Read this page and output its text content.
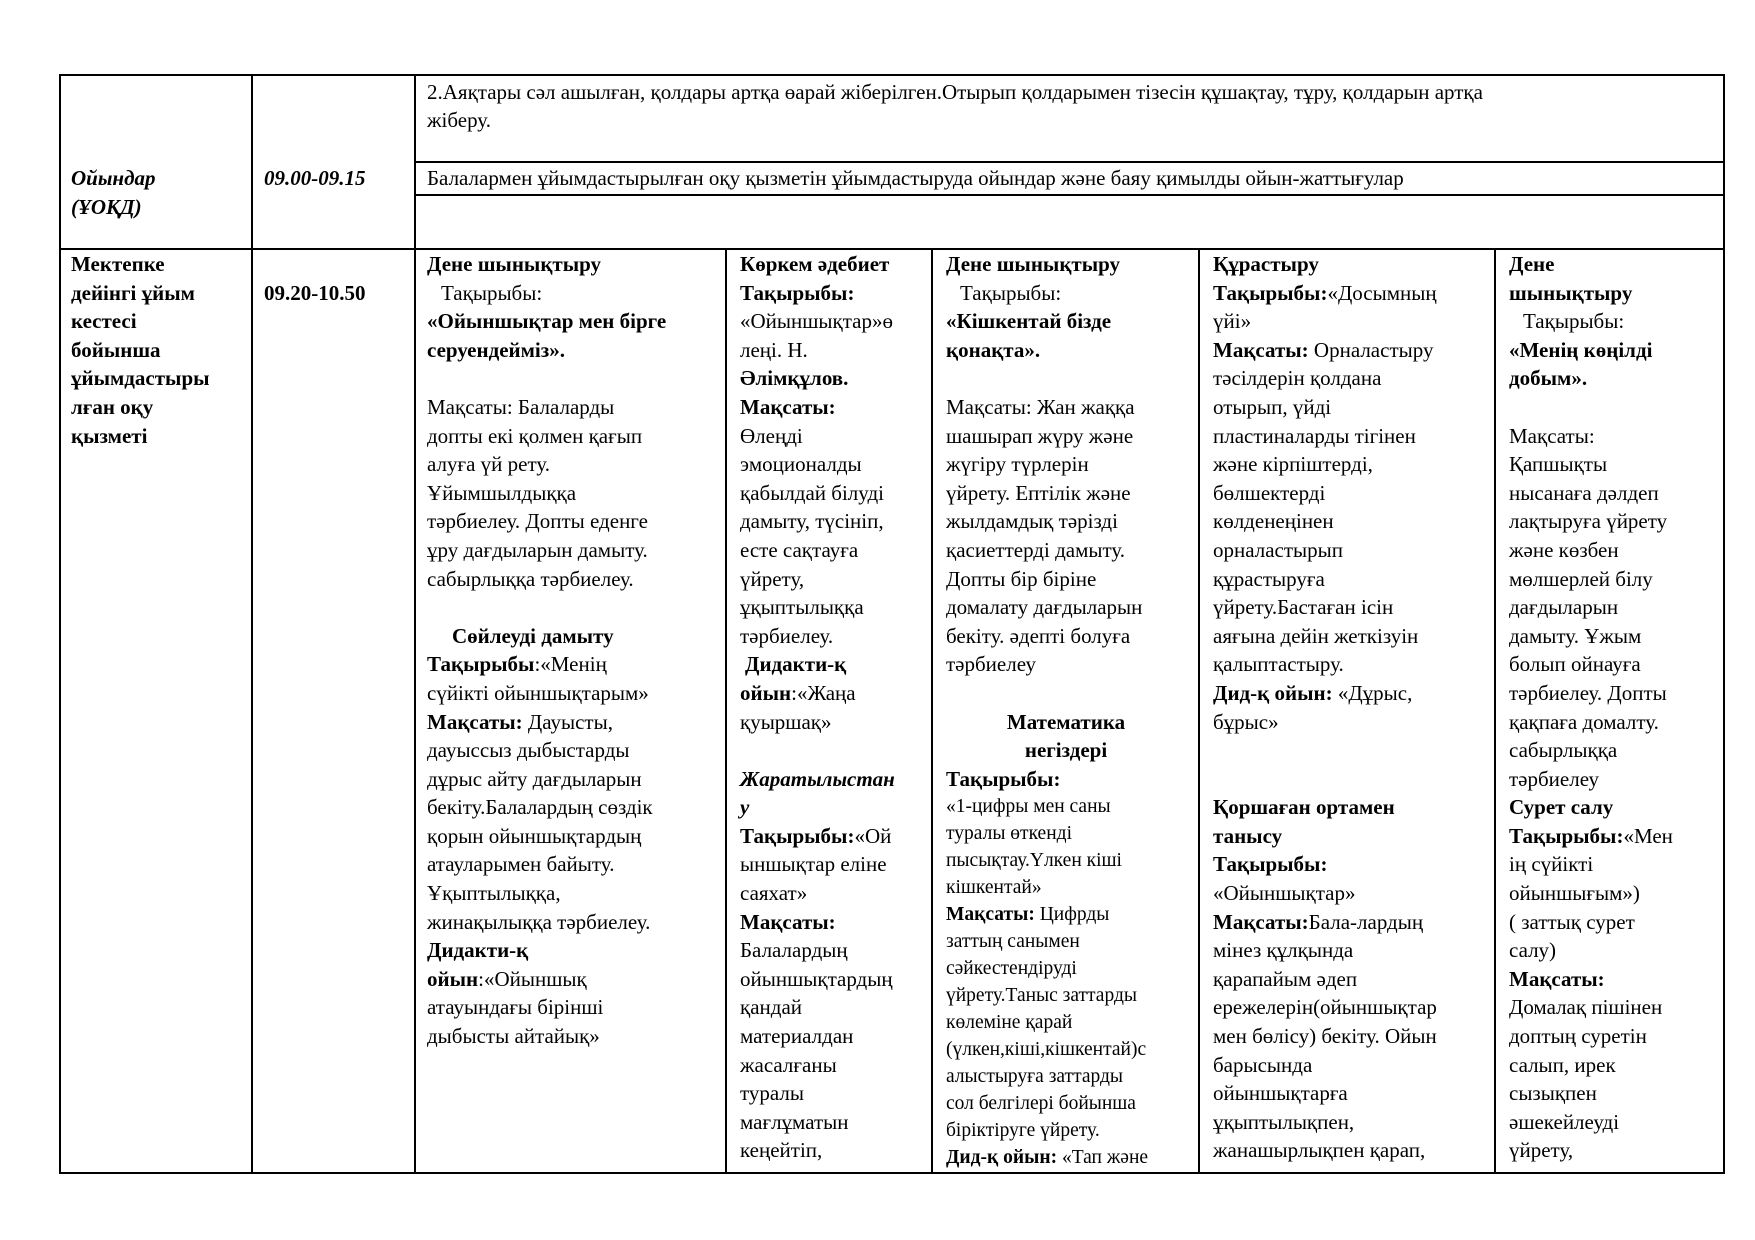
2.Аяқтары сәл ашылған, қолдары артқа өарай жіберілген.Отырып қолдарымен тізесін құшақтау, тұру, қолдарын артқа
жіберу.
Ойындар
(ҰОҚД)
09.00-09.15	Балалармен ұйымдастырылған оқу қызметін ұйымдастыруда ойындар және баяу қимылды ойын-жаттығулар
Мектепке
дейінгі ұйым
кестесі
бойынша
ұйымдастыры
лған оқу
қызметі
09.20-10.50
Дене шынықтыру
Тақырыбы:
«Ойыншықтар мен бірге
серуендейміз».
Мақсаты: Балаларды
допты екі қолмен қағып
алуға үй рету.
Ұйымшылдыққа
тәрбиелеу. Допты еденге
ұру дағдыларын дамыту.
сабырлыққа тәрбиелеу.
Сөйлеуді дамыту
Тақырыбы:«Менің
сүйікті ойыншықтарым»
Мақсаты: Дауысты,
дауыссыз дыбыстарды
дұрыс айту дағдыларын
бекіту.Балалардың сөздік
қорын ойыншықтардың
атауларымен байыту.
Ұқыптылыққа,
жинақылыққа тәрбиелеу.
Дидакти-қ
ойын:«Ойыншық
атауындағы бірінші
дыбысты айтайық»
Көркем әдебиет
Тақырыбы:
«Ойыншықтар»ө
леңі. Н.
Әлімқұлов.
Мақсаты:
Өлеңді
эмоционалды
қабылдай білуді
дамыту, түсініп,
есте сақтауға
үйрету,
ұқыптылыққа
тәрбиелеу.
Дидакти-қ
ойын:«Жаңа
қуыршақ»
Жаратылыстан
у
Тақырыбы:«Ой
ыншықтар еліне
саяхат»
Мақсаты:
Балалардың
ойыншықтардың
қандай
материалдан
жасалғаны
туралы
мағлұматын
кеңейтіп,
Дене шынықтыру
Тақырыбы:
«Кішкентай бізде
қонақта».
Мақсаты: Жан жаққа
шашырап жүру және
жүгіру түрлерін
үйрету. Ептілік және
жылдамдық тәрізді
қасиеттерді дамыту.
Допты бір біріне
домалату дағдыларын
бекіту. әдепті болуға
тәрбиелеу
Математика
негіздері
Тақырыбы:
«1-цифры мен саны
туралы өткенді
пысықтау.Үлкен кіші
кішкентай»
Мақсаты: Цифрды
заттың санымен
сәйкестендіруді
үйрету.Таныс заттарды
көлеміне қарай
(үлкен,кіші,кішкентай)с
алыстыруға заттарды
сол белгілері бойынша
біріктіруге үйрету.
Дид-қ ойын: «Тап және
Құрастыру
Тақырыбы:«Досымның
үйі»
Мақсаты: Орналастыру
тәсілдерін қолдана
отырып, үйді
пластиналарды тігінен
және кірпіштерді,
бөлшектерді
көлденеңінен
орналастырып
құрастыруға
үйрету.Бастаған ісін
аяғына дейін жеткізуін
қалыптастыру.
Дид-қ ойын: «Дұрыс,
бұрыс»
Қоршаған ортамен
танысу
Тақырыбы:
«Ойыншықтар»
Мақсаты:Бала-лардың
мінез құлқында
қарапайым әдеп
ережелерін(ойыншықтар
мен бөлісу) бекіту. Ойын
барысында
ойыншықтарға
ұқыптылықпен,
жанашырлықпен қарап,
Дене
шынықтыру
Тақырыбы:
«Менің көңілді
добым».
Мақсаты:
Қапшықты
нысанаға дәлдеп
лақтыруға үйрету
және көзбен
мөлшерлей білу
дағдыларын
дамыту. Ұжым
болып ойнауға
тәрбиелеу. Допты
қақпаға домалту.
сабырлыққа
тәрбиелеу
Сурет салу
Тақырыбы:«Мен
ің сүйікті
ойыншығым»)
( заттық сурет
салу)
Мақсаты:
Домалақ пішінен
доптың суретін
салып, ирек
сызықпен
әшекейлеуді
үйрету,
